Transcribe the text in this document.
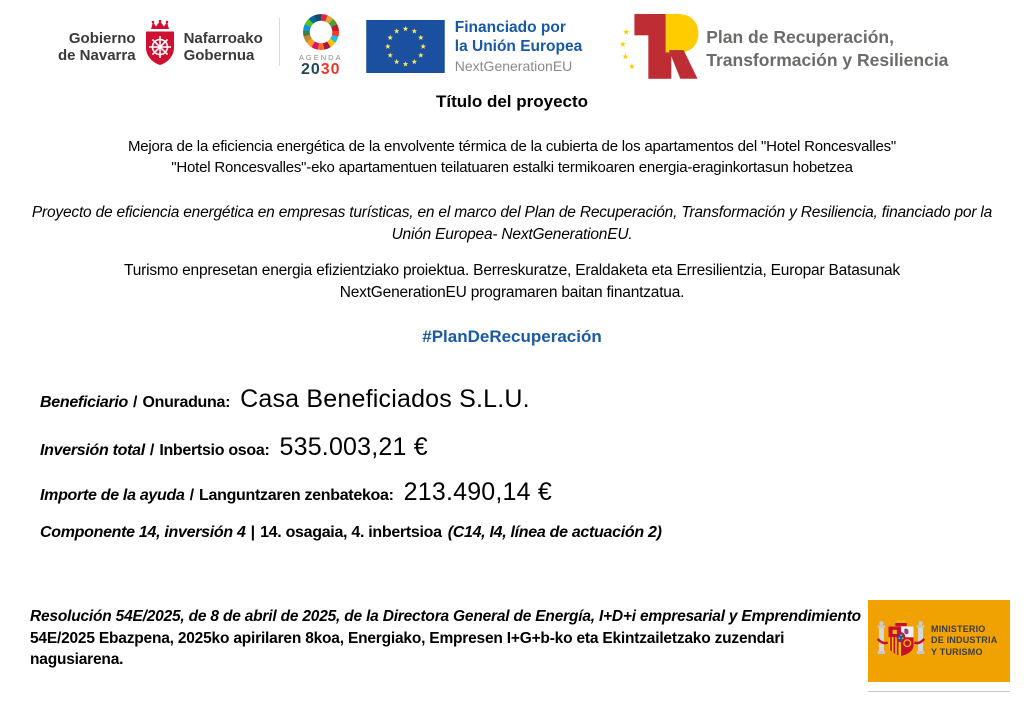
Gobierno
de Navarra
Nafarroako
Gobernua	AGENDA
2030
Financiado por
la Unión Europea
NextGenerationEU
Plan de Recuperación,
Transformación y Resiliencia
Título del proyecto
Mejora de la eficiencia energética de la envolvente térmica de la cubierta de los apartamentos del "Hotel Roncesvalles"
"Hotel Roncesvalles"-eko apartamentuen teilatuaren estalki termikoaren energia-eraginkortasun hobetzea
Proyecto de eficiencia energética en empresas turísticas, en el marco del Plan de Recuperación, Transformación y Resiliencia, financiado por la Unión Europea- NextGenerationEU.
Turismo enpresetan energia efizientziako proiektua. Berreskuratze, Eraldaketa eta Erresilientzia, Europar Batasunak NextGenerationEU programaren baitan finantzatua.
#PlanDeRecuperación
Beneficiario / Onuraduna: Casa Beneficiados S.L.U.
Inversión total / Inbertsio osoa: 535.003,21 €
Importe de la ayuda / Languntzaren zenbatekoa: 213.490,14 €
Componente 14, inversión 4 | 14. osagaia, 4. inbertsioa (C14, I4, línea de actuación 2)
Resolución 54E/2025, de 8 de abril de 2025, de la Directora General de Energía, I+D+i empresarial y Emprendimiento
54E/2025 Ebazpena, 2025ko apirilaren 8koa, Energiako, Empresen I+G+b-ko eta Ekintzailetzako zuzendari nagusiarena.
MINISTERIO
DE INDUSTRIA
Y TURISMO
